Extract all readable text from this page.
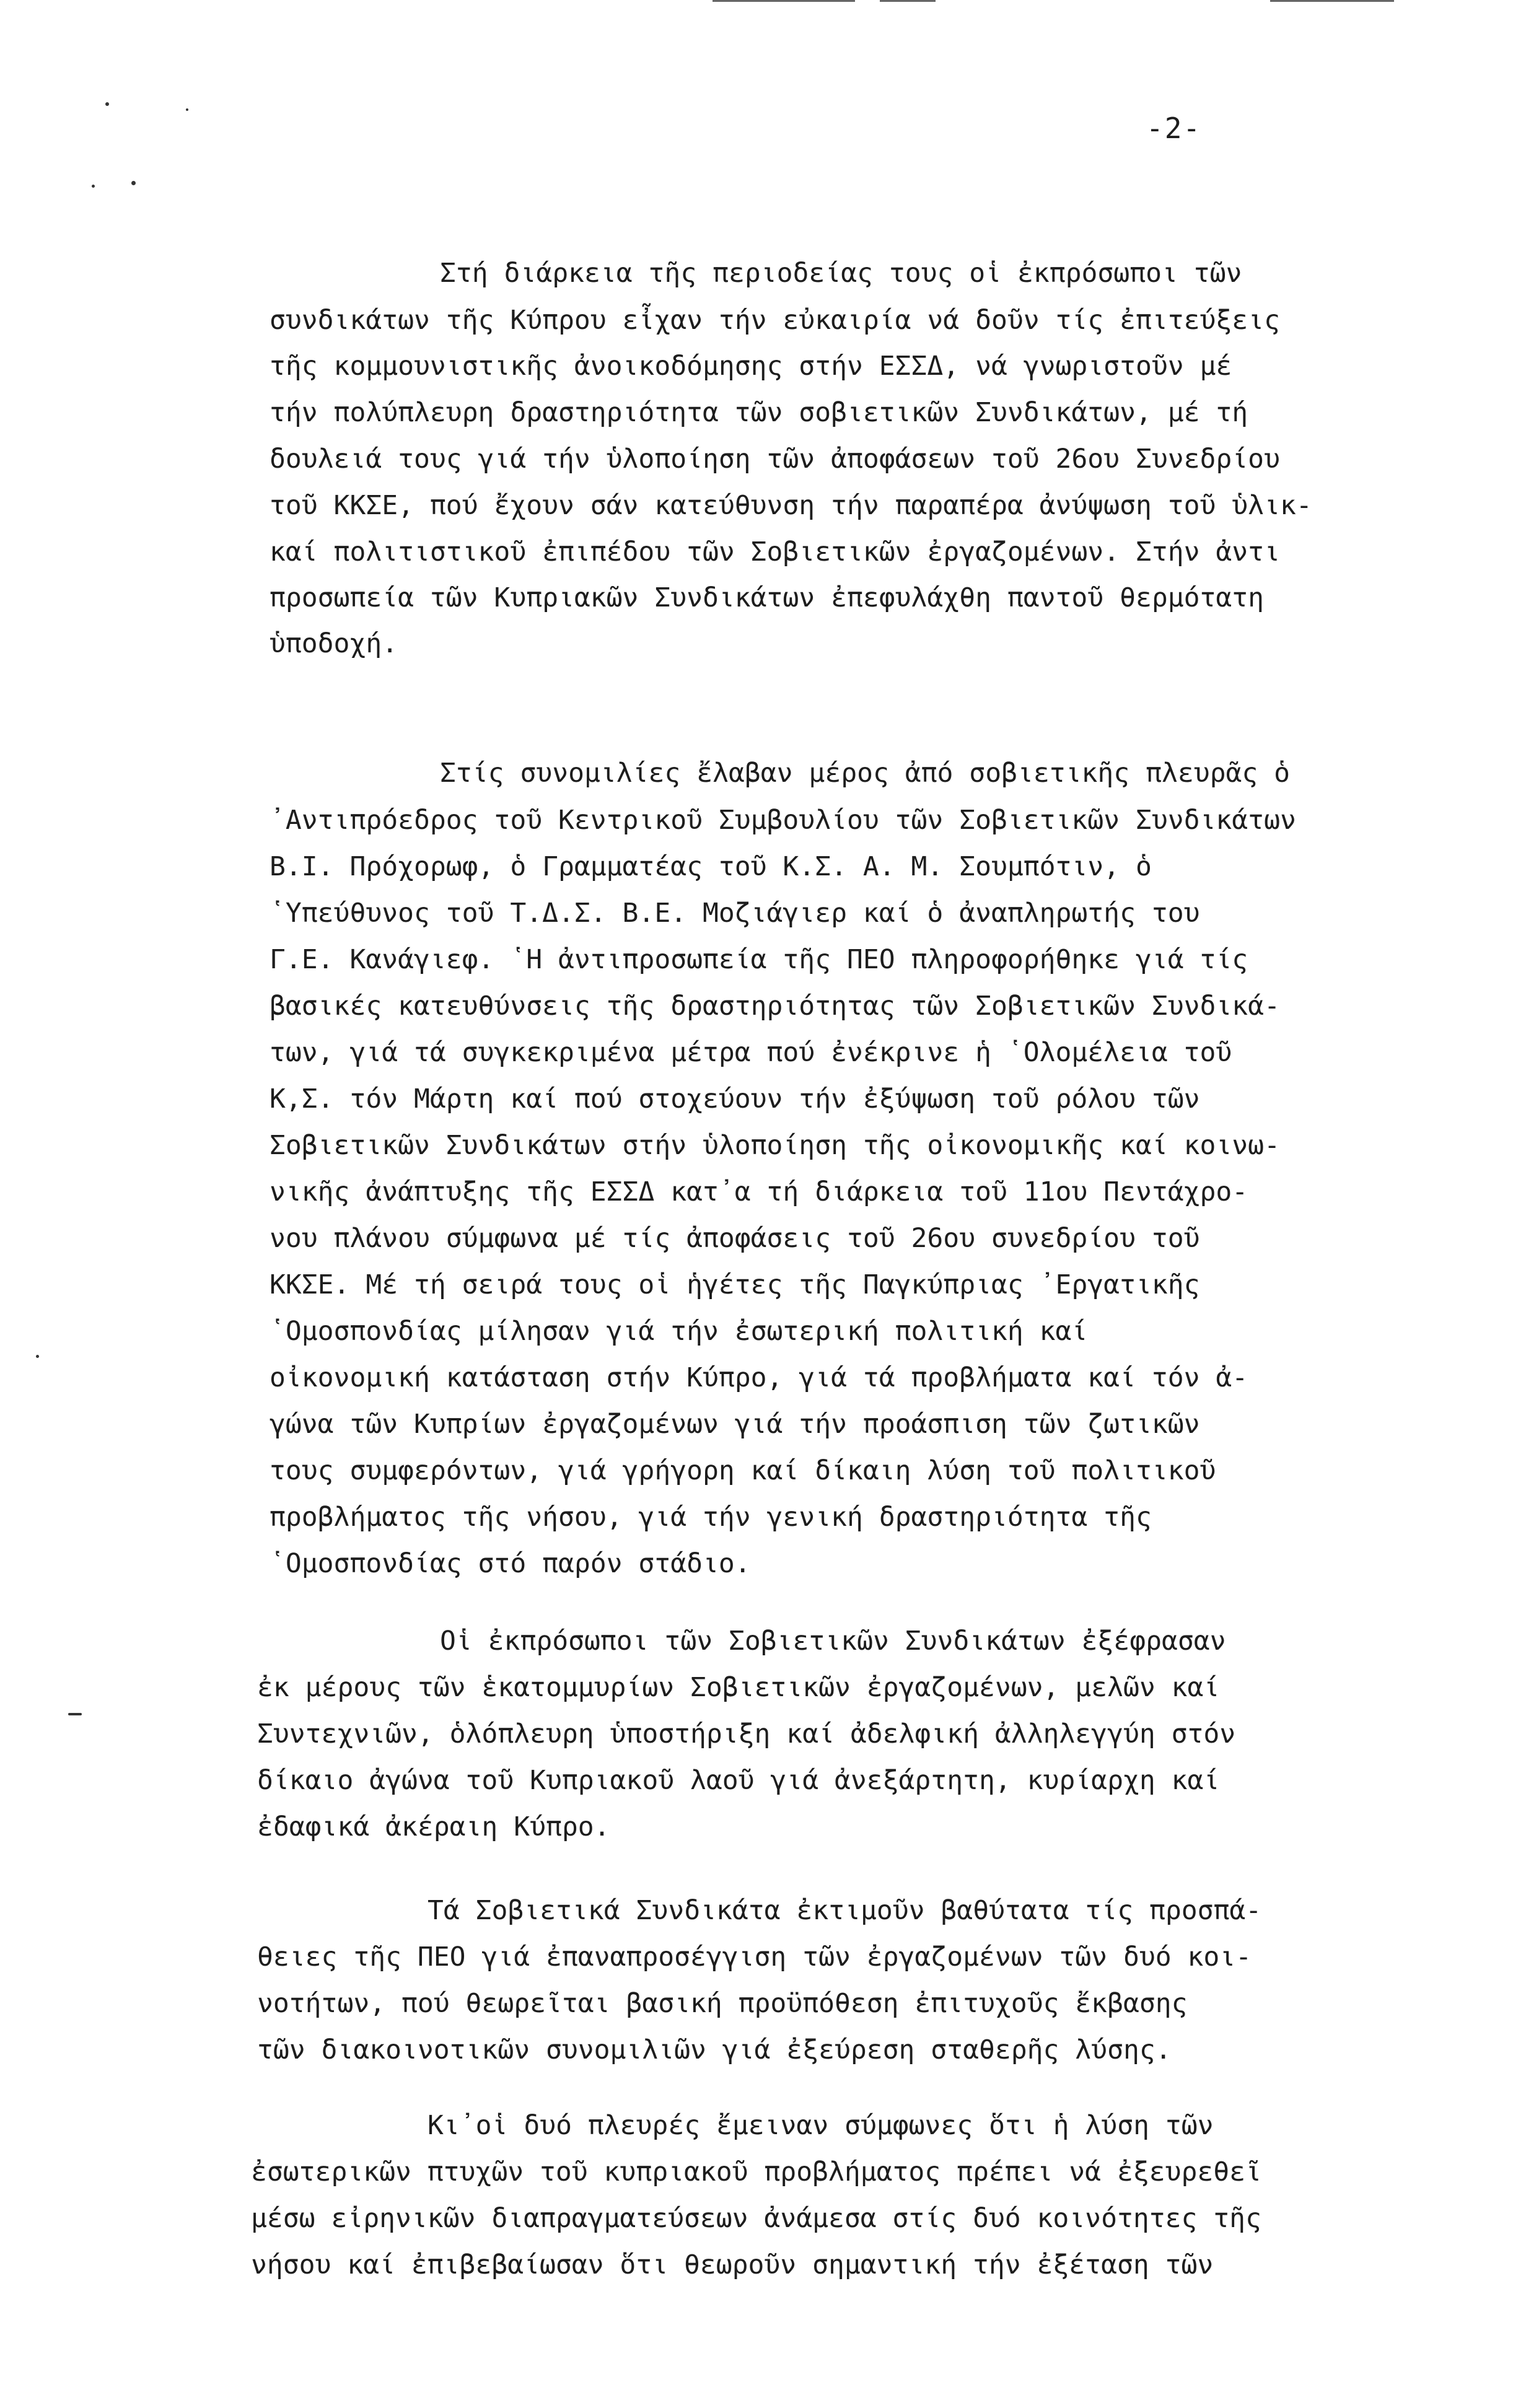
-2-
Στή διάρκεια τῆς περιοδείας τους οἱ ἐκπρόσωποι τῶν
συνδικάτων τῆς Κύπρου εἶχαν τήν εὐκαιρία νά δοῦν τίς ἐπιτεύξεις
τῆς κομμουνιστικῆς ἀνοικοδόμησης στήν ΕΣΣΔ, νά γνωριστοῦν μέ
τήν πολύπλευρη δραστηριότητα τῶν σοβιετικῶν Συνδικάτων, μέ τή
δουλειά τους γιά τήν ὑλοποίηση τῶν ἀποφάσεων τοῦ 26ου Συνεδρίου
τοῦ ΚΚΣΕ, πού ἔχουν σάν κατεύθυνση τήν παραπέρα ἀνύψωση τοῦ ὑλικ-
καί πολιτιστικοῦ ἐπιπέδου τῶν Σοβιετικῶν ἐργαζομένων. Στήν ἀντι
προσωπεία τῶν Κυπριακῶν Συνδικάτων ἐπεφυλάχθη παντοῦ θερμότατη
ὑποδοχή.
Στίς συνομιλίες ἔλαβαν μέρος ἀπό σοβιετικῆς πλευρᾶς ὁ
᾿Αντιπρόεδρος τοῦ Κεντρικοῦ Συμβουλίου τῶν Σοβιετικῶν Συνδικάτων
Β.Ι. Πρόχορωφ, ὁ Γραμματέας τοῦ Κ.Σ. Α. Μ. Σουμπότιν, ὁ
῾Υπεύθυνος τοῦ Τ.Δ.Σ. Β.Ε. Μοζιάγιερ καί ὁ ἀναπληρωτής του
Γ.Ε. Κανάγιεφ. ῾Η ἀντιπροσωπεία τῆς ΠΕΟ πληροφορήθηκε γιά τίς
βασικές κατευθύνσεις τῆς δραστηριότητας τῶν Σοβιετικῶν Συνδικά-
των, γιά τά συγκεκριμένα μέτρα πού ἐνέκρινε ἡ ῾Ολομέλεια τοῦ
Κ,Σ. τόν Μάρτη καί πού στοχεύουν τήν ἐξύψωση τοῦ ρόλου τῶν
Σοβιετικῶν Συνδικάτων στήν ὑλοποίηση τῆς οἰκονομικῆς καί κοινω-
νικῆς ἀνάπτυξης τῆς ΕΣΣΔ κατ᾿α τή διάρκεια τοῦ 11ου Πεντάχρο-
νου πλάνου σύμφωνα μέ τίς ἀποφάσεις τοῦ 26ου συνεδρίου τοῦ
ΚΚΣΕ. Μέ τή σειρά τους οἱ ἡγέτες τῆς Παγκύπριας ᾿Εργατικῆς
῾Ομοσπονδίας μίλησαν γιά τήν ἐσωτερική πολιτική καί
οἰκονομική κατάσταση στήν Κύπρο, γιά τά προβλήματα καί τόν ἀ-
γώνα τῶν Κυπρίων ἐργαζομένων γιά τήν προάσπιση τῶν ζωτικῶν
τους συμφερόντων, γιά γρήγορη καί δίκαιη λύση τοῦ πολιτικοῦ
προβλήματος τῆς νήσου, γιά τήν γενική δραστηριότητα τῆς
῾Ομοσπονδίας στό παρόν στάδιο.
Οἱ ἐκπρόσωποι τῶν Σοβιετικῶν Συνδικάτων ἐξέφρασαν
ἐκ μέρους τῶν ἑκατομμυρίων Σοβιετικῶν ἐργαζομένων, μελῶν καί
Συντεχνιῶν, ὁλόπλευρη ὑποστήριξη καί ἀδελφική ἀλληλεγγύη στόν
δίκαιο ἀγώνα τοῦ Κυπριακοῦ λαοῦ γιά ἀνεξάρτητη, κυρίαρχη καί
ἐδαφικά ἀκέραιη Κύπρο.
Τά Σοβιετικά Συνδικάτα ἐκτιμοῦν βαθύτατα τίς προσπά-
θειες τῆς ΠΕΟ γιά ἐπαναπροσέγγιση τῶν ἐργαζομένων τῶν δυό κοι-
νοτήτων, πού θεωρεῖται βασική προϋπόθεση ἐπιτυχοῦς ἔκβασης
τῶν διακοινοτικῶν συνομιλιῶν γιά ἐξεύρεση σταθερῆς λύσης.
Κι᾿οἱ δυό πλευρές ἔμειναν σύμφωνες ὅτι ἡ λύση τῶν
ἐσωτερικῶν πτυχῶν τοῦ κυπριακοῦ προβλήματος πρέπει νά ἐξευρεθεῖ
μέσω εἰρηνικῶν διαπραγματεύσεων ἀνάμεσα στίς δυό κοινότητες τῆς
νήσου καί ἐπιβεβαίωσαν ὅτι θεωροῦν σημαντική τήν ἐξέταση τῶν
